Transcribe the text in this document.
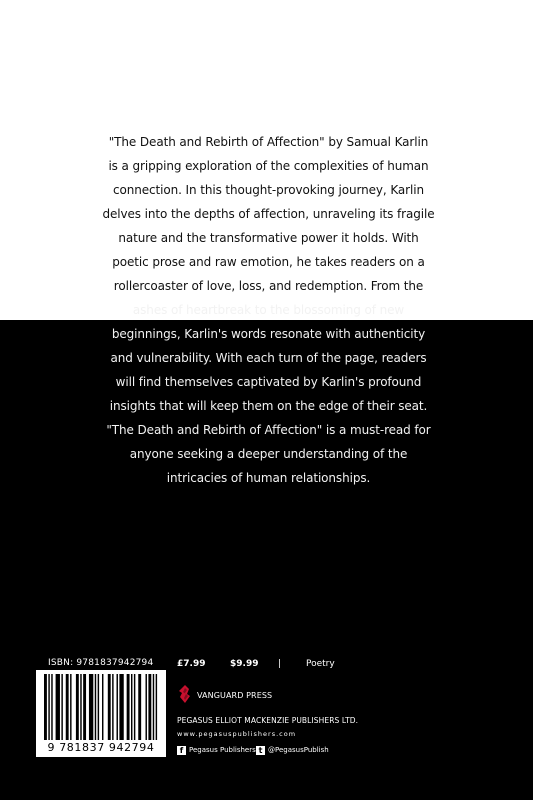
"The Death and Rebirth of Affection" by Samual Karlin
is a gripping exploration of the complexities of human
connection. In this thought-provoking journey, Karlin
delves into the depths of affection, unraveling its fragile
nature and the transformative power it holds. With
poetic prose and raw emotion, he takes readers on a
rollercoaster of love, loss, and redemption. From the
ashes of heartbreak to the blossoming of new
beginnings, Karlin's words resonate with authenticity
and vulnerability. With each turn of the page, readers
will find themselves captivated by Karlin's profound
insights that will keep them on the edge of their seat.
"The Death and Rebirth of Affection" is a must-read for
anyone seeking a deeper understanding of the
intricacies of human relationships.
ISBN: 9781837942794
9 781837 942794
£7.99	$9.99 |	Poetry
VANGUARD PRESS
PEGASUS ELLIOT MACKENZIE PUBLISHERS LTD.
www.pegasuspublishers.com
f Pegasus Publishers t @PegasusPublish
